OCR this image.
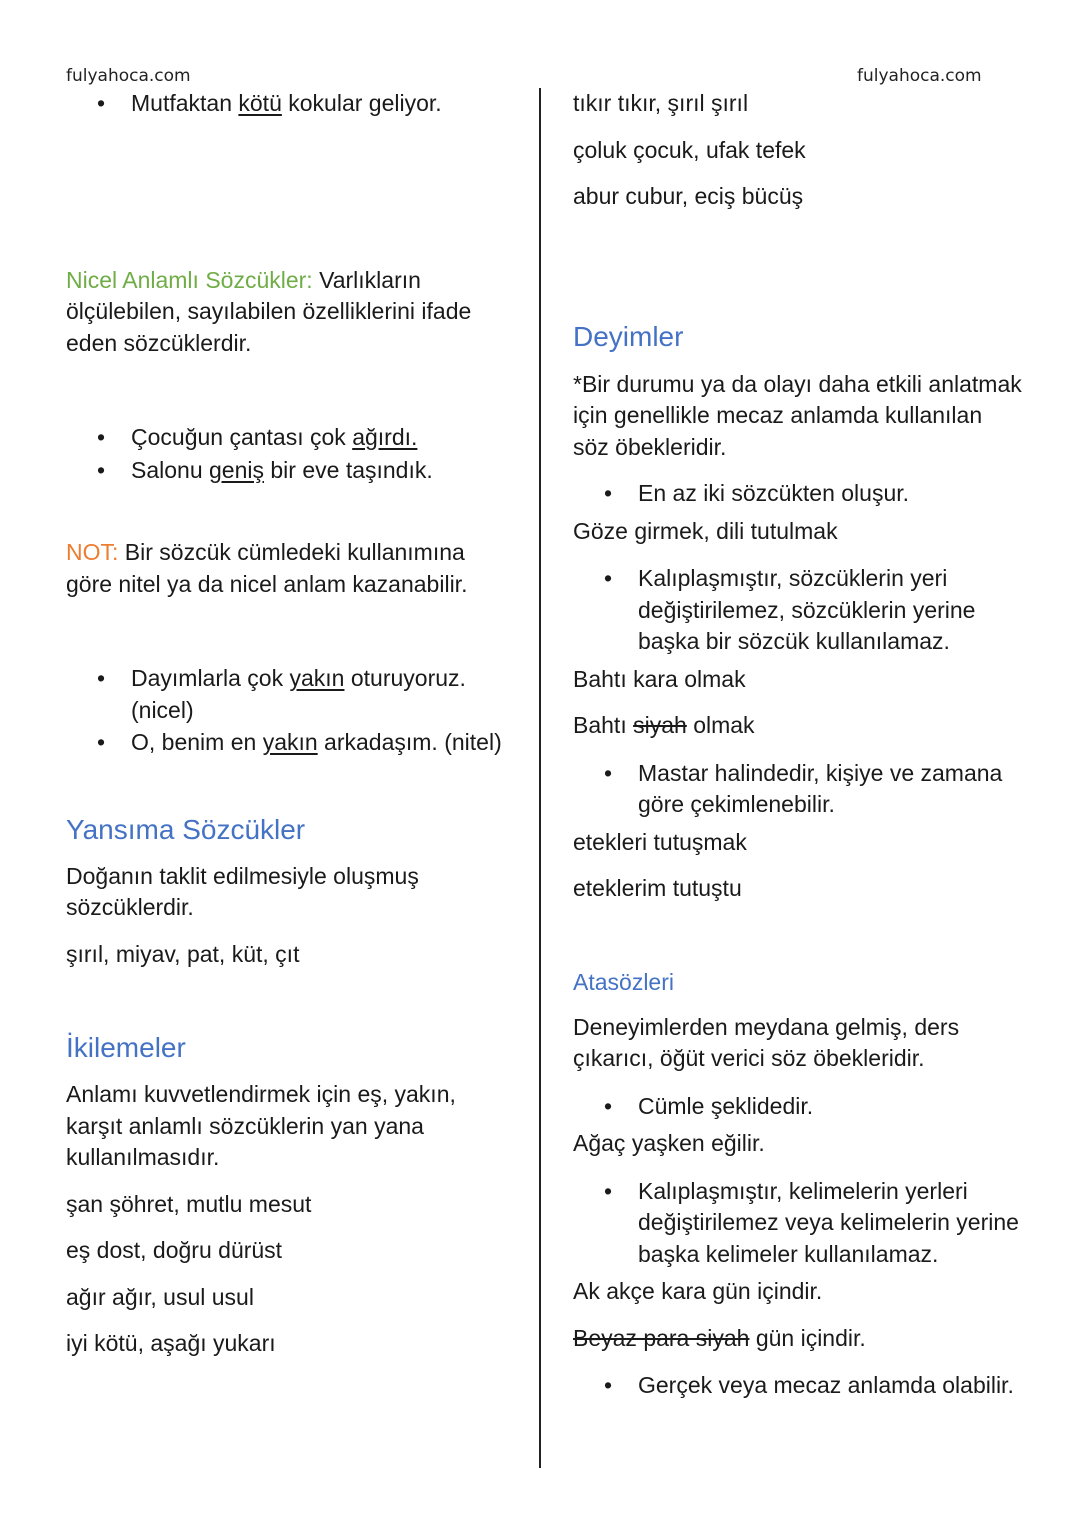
fulyahoca.com	fulyahoca.com
• Mutfaktan kötü kokular geliyor.
Nicel Anlamlı Sözcükler: Varlıkların ölçülebilen, sayılabilen özelliklerini ifade eden sözcüklerdir.
• Çocuğun çantası çok ağırdı.
• Salonu geniş bir eve taşındık.
NOT: Bir sözcük cümledeki kullanımına göre nitel ya da nicel anlam kazanabilir.
• Dayımlarla çok yakın oturuyoruz. (nicel)
• O, benim en yakın arkadaşım. (nitel)
Yansıma Sözcükler
Doğanın taklit edilmesiyle oluşmuş sözcüklerdir.
şırıl, miyav, pat, küt, çıt
İkilemeler
Anlamı kuvvetlendirmek için eş, yakın, karşıt anlamlı sözcüklerin yan yana kullanılmasıdır.
şan şöhret, mutlu mesut
eş dost, doğru dürüst
ağır ağır, usul usul
iyi kötü, aşağı yukarı
tıkır tıkır, şırıl şırıl
çoluk çocuk, ufak tefek
abur cubur, eciş bücüş
Deyimler
*Bir durumu ya da olayı daha etkili anlatmak için genellikle mecaz anlamda kullanılan söz öbekleridir.
• En az iki sözcükten oluşur.
Göze girmek, dili tutulmak
• Kalıplaşmıştır, sözcüklerin yeri değiştirilemez, sözcüklerin yerine başka bir sözcük kullanılamaz.
Bahtı kara olmak
Bahtı siyah olmak
• Mastar halindedir, kişiye ve zamana göre çekimlenebilir.
etekleri tutuşmak
eteklerim tutuştu
Atasözleri
Deneyimlerden meydana gelmiş, ders çıkarıcı, öğüt verici söz öbekleridir.
• Cümle şeklidedir.
Ağaç yaşken eğilir.
• Kalıplaşmıştır, kelimelerin yerleri değiştirilemez veya kelimelerin yerine başka kelimeler kullanılamaz.
Ak akçe kara gün içindir.
Beyaz para siyah gün içindir.
• Gerçek veya mecaz anlamda olabilir.
